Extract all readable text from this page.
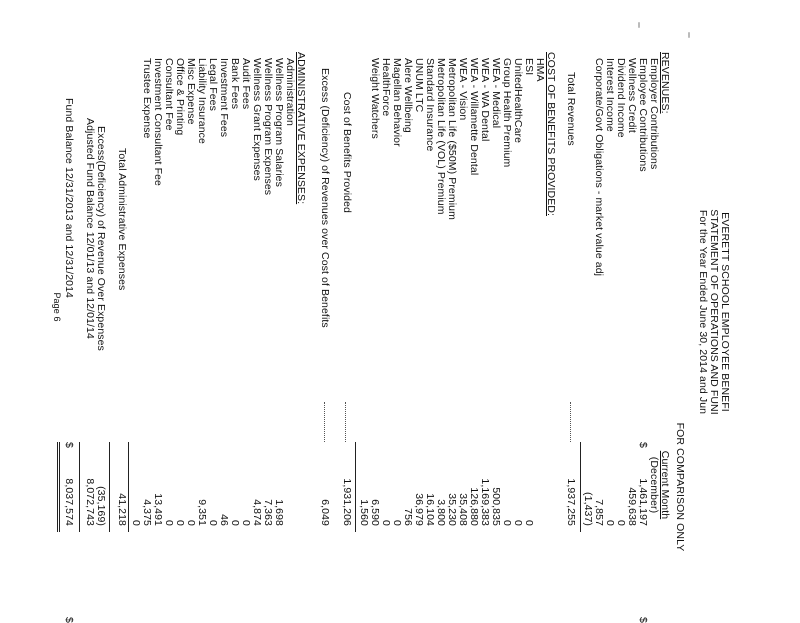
EVERETT SCHOOL EMPLOYEE BENEFI
STATEMENT OF OPERATIONS AND FUNI
For the Year Ended June 30, 2014 and Jun
FOR COMPARISON ONLY
Current Month
(December)
REVENUES:
Employer Contributions
$
$
1,461,197
Employee Contributions
459,638
Wellness Credit
0
Dividend Income
0
Interest Income
7,857
Corporate/Govt Obligations - market value adj
(1,437)
Total Revenues
1,937,255
COST OF BENEFITS PROVIDED:
HMA
0
ESI
0
UnitedHealthCare
0
Group Health Premium
500,835
WEA - Medical
1,169,383
WEA - WA Dental
126,880
WEA - Willamette Dental
35,408
WEA - Vision
35,230
Metropolitan Life ($50M) Premium
3,800
Metropolitan Life (VOL) Premium
16,104
Standard Insurance
36,979
UNUM LTC
756
Alere Wellbeing
0
Magellan Behavior
0
HealthForce
6,590
Weight Watchers
1,560
Cost of Benefits Provided
1,931,206
Excess (Deficiency) of Revenues over Cost of Benefits
6,049
ADMINISTRATIVE EXPENSES:
Administration
1,698
Wellness Program Salaries
7,363
Wellness Program Expenses
4,874
Wellness Grant Expenses
0
Audit Fees
0
Bank Fees
46
Investment Fees
0
Legal Fees
9,351
Liability Insurance
0
Misc Expense
0
Office & Printing
0
Consultant Fee
13,491
Investment Consultant Fee
4,375
Trustee Expense
0
Total Administrative Expenses
41,218
Excess(Deficiency) of Revenue Over Expenses
(35,169)
Adjusted Fund Balance 12/01/13 and 12/01/14
8,072,743
Fund Balance 12/31/2013 and 12/31/2014
$
8,037,574
$
Page 6
